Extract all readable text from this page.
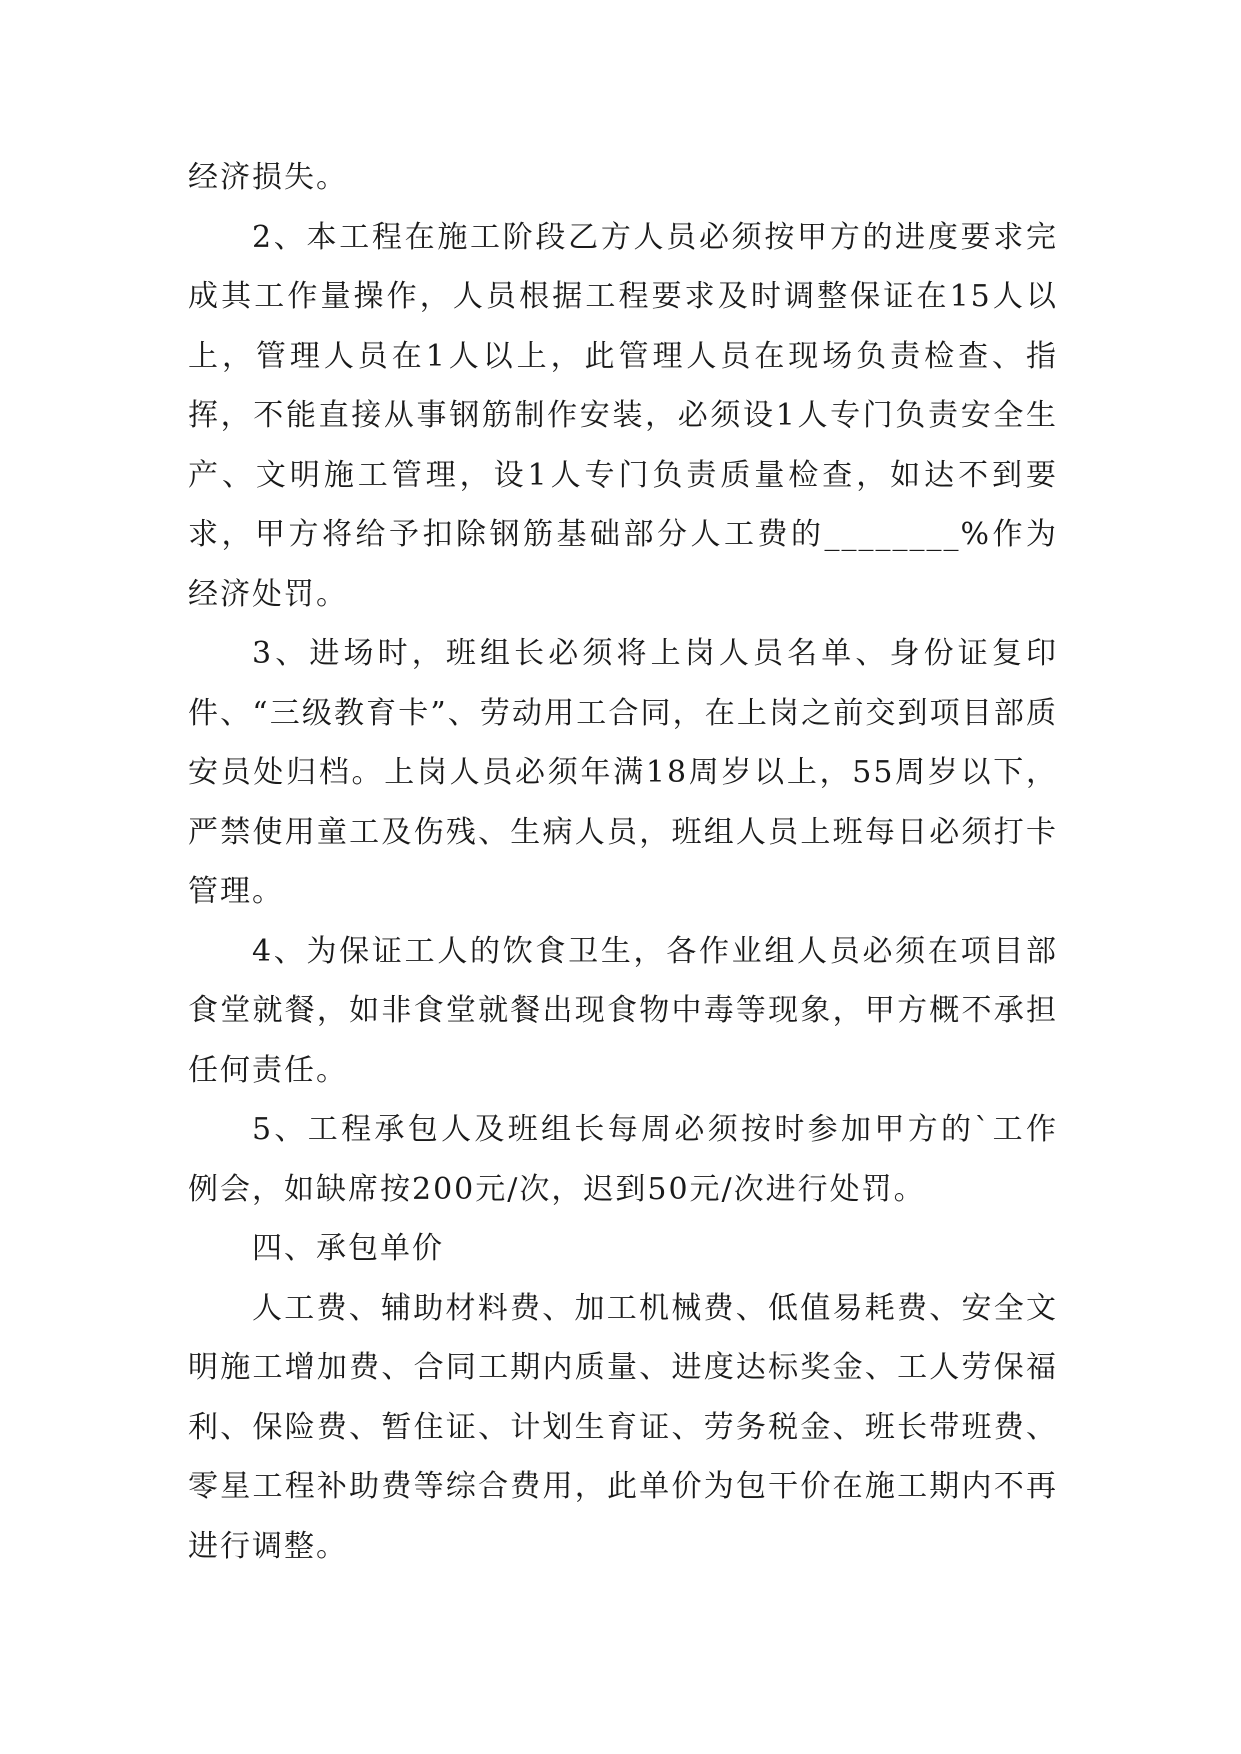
经济损失。

2、本工程在施工阶段乙方人员必须按甲方的进度要求完成其工作量操作，人员根据工程要求及时调整保证在15人以上，管理人员在1人以上，此管理人员在现场负责检查、指挥，不能直接从事钢筋制作安装，必须设1人专门负责安全生产、文明施工管理，设1人专门负责质量检查，如达不到要求，甲方将给予扣除钢筋基础部分人工费的________%作为经济处罚。

3、进场时，班组长必须将上岗人员名单、身份证复印件、“三级教育卡”、劳动用工合同，在上岗之前交到项目部质安员处归档。上岗人员必须年满18周岁以上，55周岁以下，严禁使用童工及伤残、生病人员，班组人员上班每日必须打卡管理。

4、为保证工人的饮食卫生，各作业组人员必须在项目部食堂就餐，如非食堂就餐出现食物中毒等现象，甲方概不承担任何责任。

5、工程承包人及班组长每周必须按时参加甲方的`工作例会，如缺席按200元/次，迟到50元/次进行处罚。

四、承包单价

人工费、辅助材料费、加工机械费、低值易耗费、安全文明施工增加费、合同工期内质量、进度达标奖金、工人劳保福利、保险费、暂住证、计划生育证、劳务税金、班长带班费、零星工程补助费等综合费用，此单价为包干价在施工期内不再进行调整。
